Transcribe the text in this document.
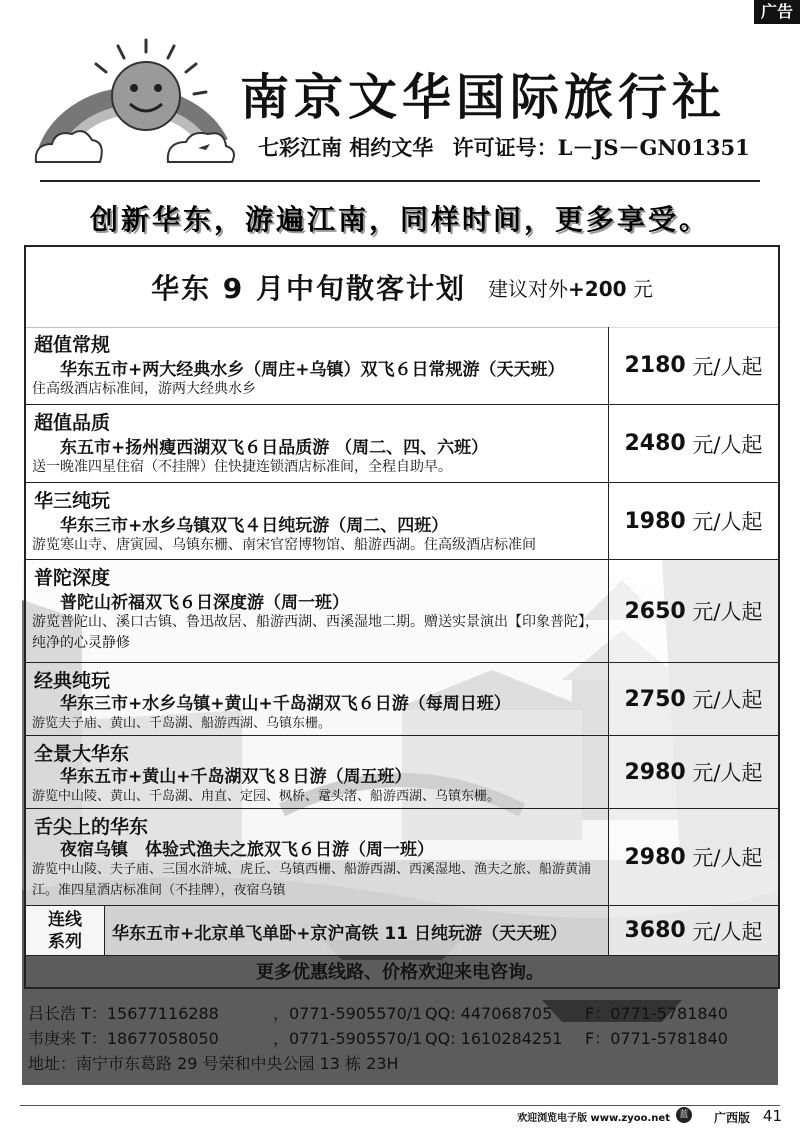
广告
南京文华国际旅行社
七彩江南 相约文华 许可证号：L－JS－GN01351
创新华东，游遍江南，同样时间，更多享受。
华东 9 月中旬散客计划 建议对外+200 元
超值常规
华东五市+两大经典水乡（周庄+乌镇）双飞６日常规游（天天班）
住高级酒店标准间，游两大经典水乡
2180
元/人起
超值品质
东五市+扬州瘦西湖双飞６日品质游 （周二、四、六班）
送一晚准四星住宿（不挂牌）住快捷连锁酒店标准间，全程自助早。
2480
元/人起
华三纯玩
华东三市+水乡乌镇双飞４日纯玩游（周二、四班）
游览寒山寺、唐寅园、乌镇东栅、南宋官窑博物馆、船游西湖。住高级酒店标准间
1980
元/人起
普陀深度
普陀山祈福双飞６日深度游（周一班）
游览普陀山、溪口古镇、鲁迅故居、船游西湖、西溪湿地二期。赠送实景演出【印象普陀】，纯净的心灵静修
2650
元/人起
经典纯玩
华东三市+水乡乌镇+黄山+千岛湖双飞６日游（每周日班）
游览夫子庙、黄山、千岛湖、船游西湖、乌镇东栅。
2750
元/人起
全景大华东
华东五市+黄山+千岛湖双飞８日游（周五班）
游览中山陵、黄山、千岛湖、甪直、定园、枫桥、鼋头渚、船游西湖、乌镇东栅。
2980
元/人起
舌尖上的华东
夜宿乌镇　体验式渔夫之旅双飞６日游（周一班）
游览中山陵、夫子庙、三国水浒城、虎丘、乌镇西栅、船游西湖、西溪湿地、渔夫之旅、船游黄浦江。准四星酒店标准间（不挂牌），夜宿乌镇
2980
元/人起
连线
系列	华东五市+北京单飞单卧+京沪高铁 11 日纯玩游（天天班）	3680
元/人起
更多优惠线路、价格欢迎来电咨询。
吕长浩 T：15677116288	，0771-5905570/1 QQ: 447068705 F：0771-5781840
韦庚来 T：18677058050	，0771-5905570/1 QQ: 1610284251 F：0771-5781840
地址：南宁市东葛路 29 号荣和中央公园 13 栋 23H
欢迎浏览电子版 www.zyoo.net	蓝 广西版 41
